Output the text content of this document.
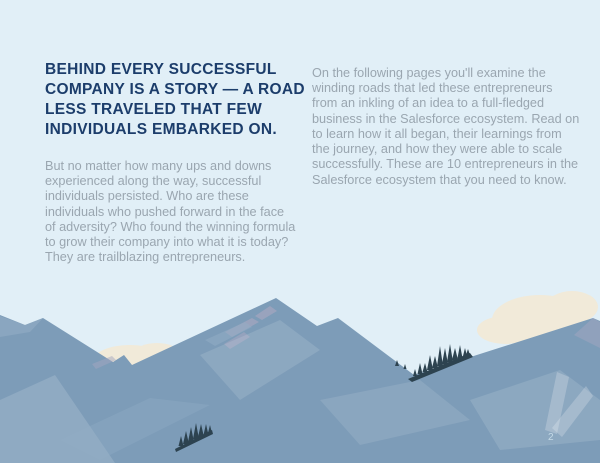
BEHIND EVERY SUCCESSFUL
COMPANY IS A STORY — A ROAD
LESS TRAVELED THAT FEW
INDIVIDUALS EMBARKED ON.

But no matter how many ups and downs experienced along the way, successful individuals persisted. Who are these individuals who pushed forward in the face of adversity? Who found the winning formula to grow their company into what it is today? They are trailblazing entrepreneurs.

On the following pages you'll examine the winding roads that led these entrepreneurs from an inkling of an idea to a full-fledged business in the Salesforce ecosystem. Read on to learn how it all began, their learnings from the journey, and how they were able to scale successfully. These are 10 entrepreneurs in the Salesforce ecosystem that you need to know.

2
